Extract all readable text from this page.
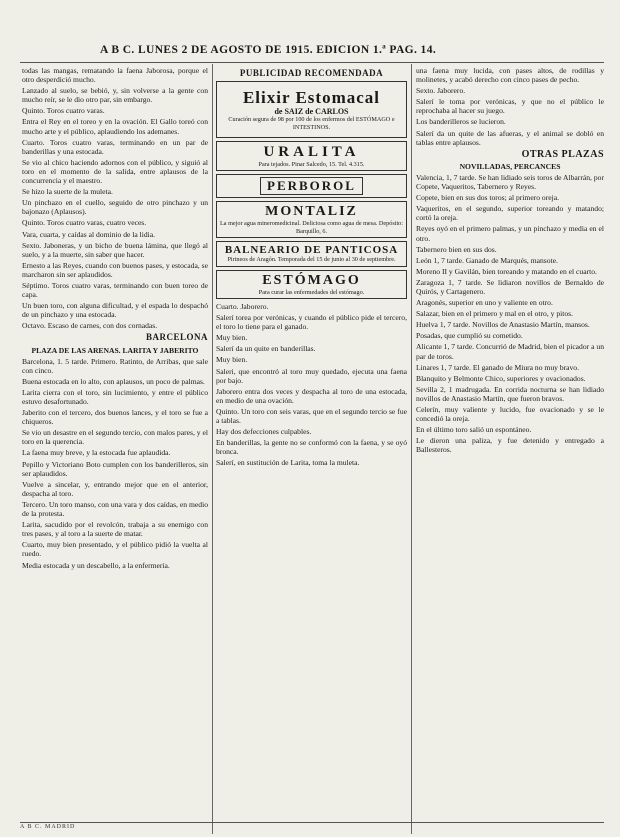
A B C. LUNES 2 DE AGOSTO DE 1915. EDICION 1.ª PAG. 14.

todas las mangas, rematando la faena Jaborosa, porque el otro desperdició mucho.

Lanzado al suelo, se bebió, y, sin volverse a la gente con mucho reír, se le dio otro par, sin embargo.

Quinto. Toros cuatro varas.

Entra el Rey en el toreo y en la ovación. El Gallo toreó con mucho arte y el público, aplaudiendo los ademanes.

Cuarto. Toros cuatro varas, terminando en un par de banderillas y una estocada.

Se vio al chico haciendo adornos con el público, y siguió al toro en el momento de la salida, entre aplausos de la concurrencia y el maestro.

Se hizo la suerte de la muleta.

Un pinchazo en el cuello, seguido de otro pinchazo y un bajonazo (Aplausos).

Quinto. Toros cuatro varas, cuatro veces.

Vara, cuarta, y caídas al dominio de la lidia.

Sexto. Jaboneras, y un bicho de buena lámina, que llegó al suelo, y a la muerte, sin saber que hacer.

Ernesto a las Reyes, cuando con buenos pases, y estocada, se marcharon sin ser aplaudidos.

Séptimo. Toros cuatro varas, terminando con buen toreo de capa.

Un buen toro, con alguna dificultad, y el espada lo despachó de un pinchazo y una estocada.

Octavo. Escaso de carnes, con dos cornadas.

BARCELONA

PLAZA DE LAS ARENAS. LARITA Y JABERITO

Barcelona, 1. 5 tarde. Primero. Ratinto, de Arribas, que sale con cinco.

Buena estocada en lo alto, con aplausos, un poco de palmas.

Larita cierra con el toro, sin lucimiento, y entre el público estuvo desafortunado.

Jaberito con el tercero, dos buenos lances, y el toro se fue a chiqueros.

Se vio un desastre en el segundo tercio, con malos pares, y el toro en la querencia.

La faena muy breve, y la estocada fue aplaudida.

Pepillo y Victoriano Boto cumplen con los banderilleros, sin ser aplaudidos.

Vuelve a sincelar, y, entrando mejor que en el anterior, despacha al toro.

Tercero. Un toro manso, con una vara y dos caídas, en medio de la protesta.

Larita, sacudido por el revolcón, trabaja a su enemigo con tres pases, y al toro a la suerte de matar.

Cuarto, muy bien presentado, y el público pidió la vuelta al ruedo.

Media estocada y un descabello, a la enfermería.

PUBLICIDAD RECOMENDADA

Elixir Estomacal
de SAIZ de CARLOS
Curación segura de 98 por 100 de los enfermos del ESTÓMAGO e INTESTINOS.
URALITA
Para tejados. Pinar Salcedo, 15. Tel. 4.315.
PERBOROL
MONTALIZ
La mejor agua mineromedicinal. Deliciosa como agua de mesa. Depósito: Barquillo, 6.
BALNEARIO DE PANTICOSA
Pirineos de Aragón. Temporada del 15 de junio al 30 de septiembre.
ESTÓMAGO
Para curar las enfermedades del estómago.

Cuarto. Jaborero.

Salerí torea por verónicas, y cuando el público pide el tercero, el toro lo tiene para el ganado.

Muy bien.

Salerí da un quite en banderillas.

Muy bien.

Saleri, que encontró al toro muy quedado, ejecuta una faena por bajo.

Jaborero entra dos veces y despacha al toro de una estocada, en medio de una ovación.

Quinto. Un toro con seis varas, que en el segundo tercio se fue a tablas.

Hay dos defecciones culpables.

En banderillas, la gente no se conformó con la faena, y se oyó bronca.

Salerí, en sustitución de Larita, toma la muleta.

una faena muy lucida, con pases altos, de rodillas y molinetes, y acabó derecho con cinco pases de pecho.

Sexto. Jaborero.

Salerí le toma por verónicas, y que no el público le reprochaba al hacer su juego.

Los banderilleros se lucieron.

Salerí da un quite de las afueras, y el animal se dobló en tablas entre aplausos.

OTRAS PLAZAS

NOVILLADAS, PERCANCES

Valencia, 1, 7 tarde. Se han lidiado seis toros de Albarrán, por Copete, Vaqueritos, Tabernero y Reyes.

Copete, bien en sus dos toros; al primero oreja.

Vaqueritos, en el segundo, superior toreando y matando; cortó la oreja.

Reyes oyó en el primero palmas, y un pinchazo y media en el otro.

Tabernero bien en sus dos.

León 1, 7 tarde. Ganado de Marqués, mansote.

Moreno II y Gavilán, bien toreando y matando en el cuarto.

Zaragoza 1, 7 tarde. Se lidiaron novillos de Bernaldo de Quirós, y Cartagenero.

Aragonés, superior en uno y valiente en otro.

Salazar, bien en el primero y mal en el otro, y pitos.

Huelva 1, 7 tarde. Novillos de Anastasio Martín, mansos.

Posadas, que cumplió su cometido.

Alicante 1, 7 tarde. Concurrió de Madrid, bien el picador a un par de toros.

Linares 1, 7 tarde. El ganado de Miura no muy bravo.

Blanquito y Belmonte Chico, superiores y ovacionados.

Sevilla 2, 1 madrugada. En corrida nocturna se han lidiado novillos de Anastasio Martín, que fueron bravos.

Celerín, muy valiente y lucido, fue ovacionado y se le concedió la oreja.

En el último toro salió un espontáneo.

Le dieron una paliza, y fue detenido y entregado a Ballesteros.

A B C. MADRID
